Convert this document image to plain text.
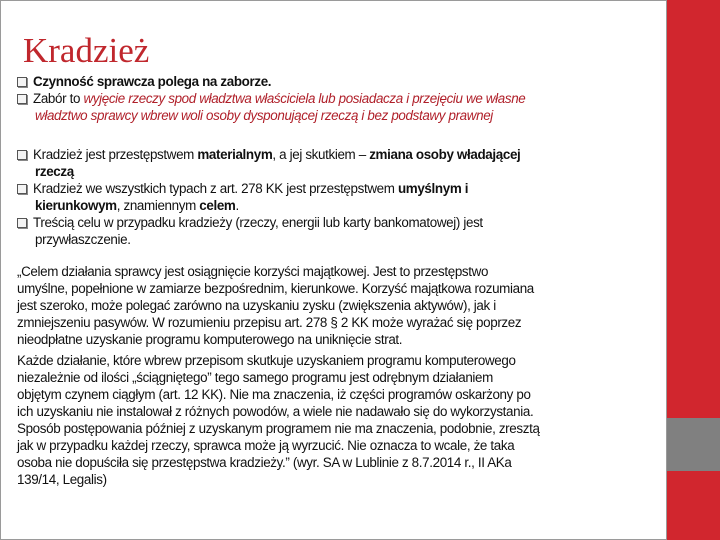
Kradzież
Czynność sprawcza polega na zaborze.
Zabór to wyjęcie rzeczy spod władztwa właściciela lub posiadacza i przejęciu we własne
władztwo sprawcy wbrew woli osoby dysponującej rzeczą i bez podstawy prawnej
Kradzież jest przestępstwem materialnym, a jej skutkiem – zmiana osoby władającej
rzeczą
Kradzież we wszystkich typach z art. 278 KK jest przestępstwem umyślnym i
kierunkowym, znamiennym celem.
Treścią celu w przypadku kradzieży (rzeczy, energii lub karty bankomatowej) jest
przywłaszczenie.
„Celem działania sprawcy jest osiągnięcie korzyści majątkowej. Jest to przestępstwo
umyślne, popełnione w zamiarze bezpośrednim, kierunkowe. Korzyść majątkowa rozumiana
jest szeroko, może polegać zarówno na uzyskaniu zysku (zwiększenia aktywów), jak i
zmniejszeniu pasywów. W rozumieniu przepisu art. 278 § 2 KK może wyrażać się poprzez
nieodpłatne uzyskanie programu komputerowego na uniknięcie strat.
Każde działanie, które wbrew przepisom skutkuje uzyskaniem programu komputerowego
niezależnie od ilości „ściągniętego” tego samego programu jest odrębnym działaniem
objętym czynem ciągłym (art. 12 KK). Nie ma znaczenia, iż części programów oskarżony po
ich uzyskaniu nie instalował z różnych powodów, a wiele nie nadawało się do wykorzystania.
Sposób postępowania później z uzyskanym programem nie ma znaczenia, podobnie, zresztą
jak w przypadku każdej rzeczy, sprawca może ją wyrzucić. Nie oznacza to wcale, że taka
osoba nie dopuściła się przestępstwa kradzieży.” (wyr. SA w Lublinie z 8.7.2014 r., II AKa
139/14, Legalis)
